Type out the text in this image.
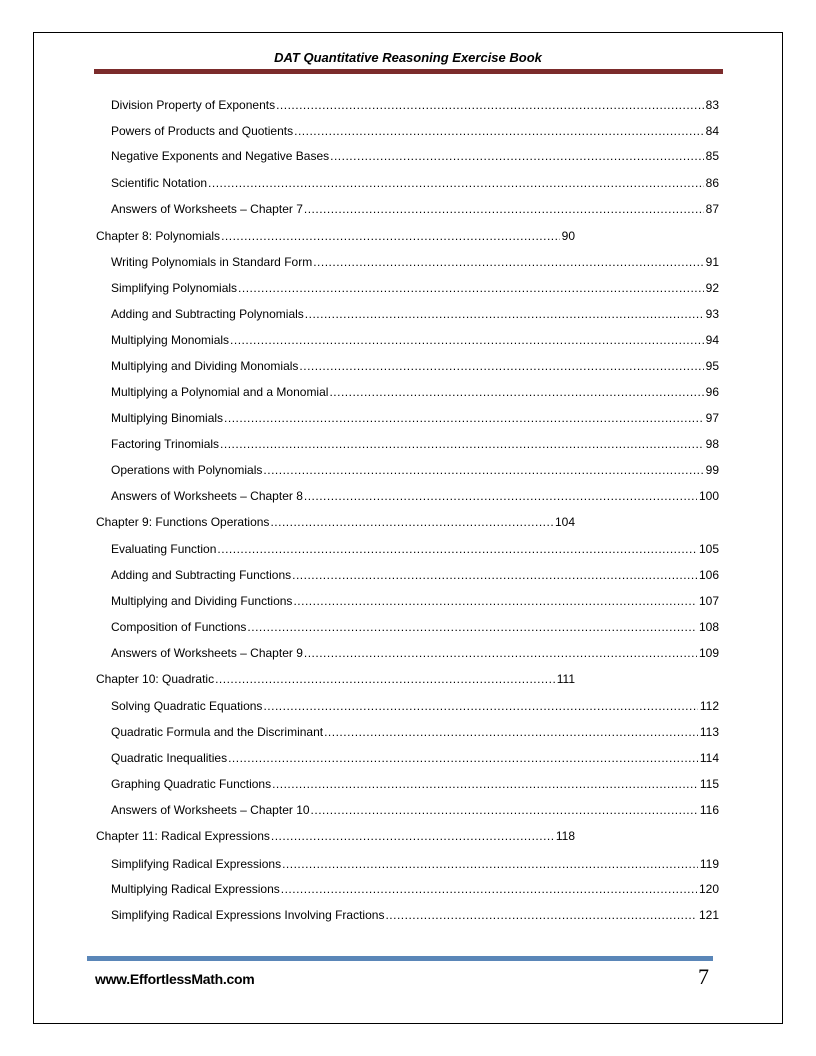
DAT Quantitative Reasoning Exercise Book
Division Property of Exponents .....	83
Powers of Products and Quotients .....	84
Negative Exponents and Negative Bases .....	85
Scientific Notation .....	86
Answers of Worksheets – Chapter 7 .....	87
Chapter 8: Polynomials .....	90
Writing Polynomials in Standard Form .....	91
Simplifying Polynomials .....	92
Adding and Subtracting Polynomials .....	93
Multiplying Monomials .....	94
Multiplying and Dividing Monomials .....	95
Multiplying a Polynomial and a Monomial .....	96
Multiplying Binomials .....	97
Factoring Trinomials .....	98
Operations with Polynomials .....	99
Answers of Worksheets – Chapter 8 .....	100
Chapter 9: Functions Operations .....	104
Evaluating Function .....	105
Adding and Subtracting Functions .....	106
Multiplying and Dividing Functions .....	107
Composition of Functions .....	108
Answers of Worksheets – Chapter 9 .....	109
Chapter 10: Quadratic .....	111
Solving Quadratic Equations .....	112
Quadratic Formula and the Discriminant .....	113
Quadratic Inequalities .....	114
Graphing Quadratic Functions .....	115
Answers of Worksheets – Chapter 10 .....	116
Chapter 11: Radical Expressions .....	118
Simplifying Radical Expressions .....	119
Multiplying Radical Expressions .....	120
Simplifying Radical Expressions Involving Fractions .....	121
www.EffortlessMath.com	7
